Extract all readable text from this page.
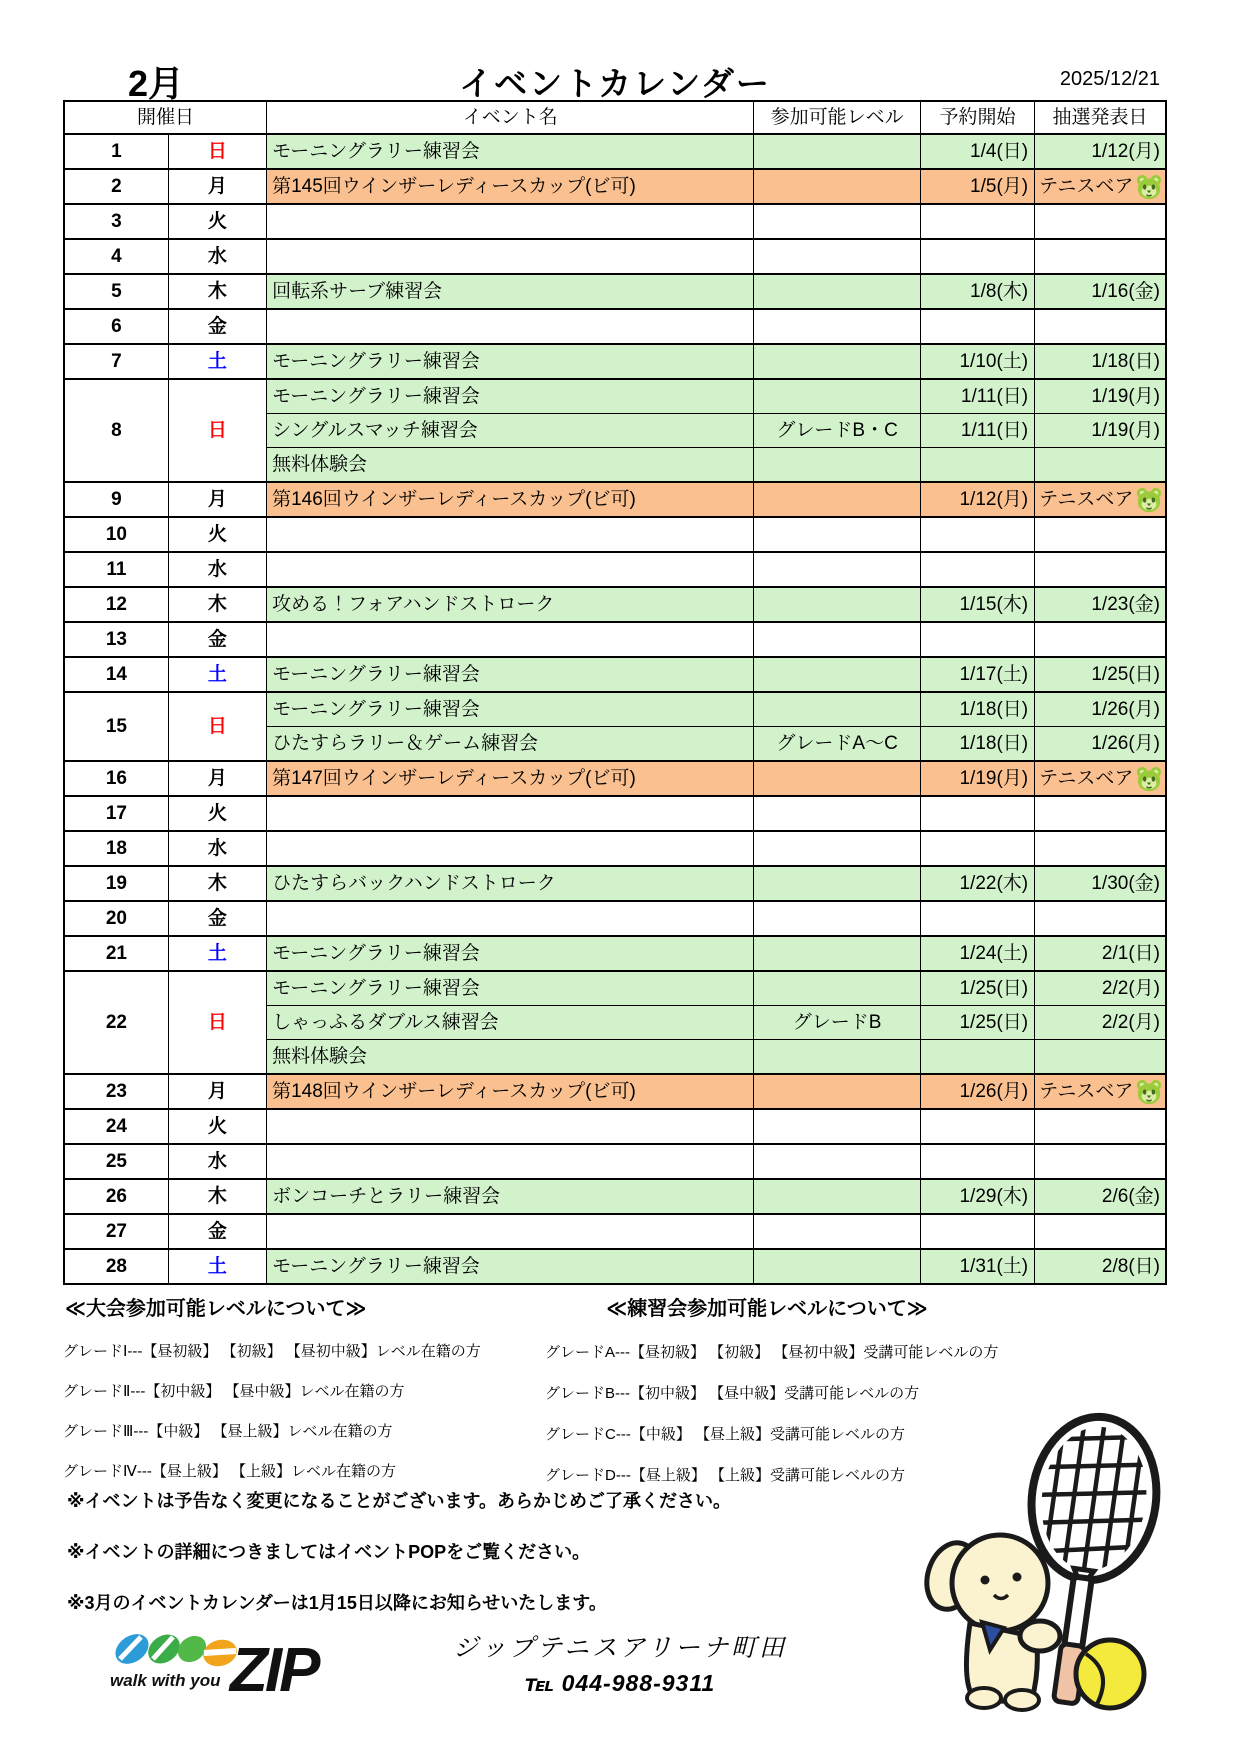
2月	イベントカレンダー	2025/12/21
開催日		イベント名	参加可能レベル	予約開始	抽選発表日
1	日	モーニングラリー練習会		1/4(日)	1/12(月)
2	月	第145回ウインザーレディースカップ(ビ可)		1/5(月)	テニスベア

3	火				
4	水				
5	木	回転系サーブ練習会		1/8(木)	1/16(金)
6	金				
7	土	モーニングラリー練習会		1/10(土)	1/18(日)
8	日	モーニングラリー練習会		1/11(日)	1/19(月)
		シングルスマッチ練習会	グレードB・C	1/11(日)	1/19(月)
		無料体験会			
9	月	第146回ウインザーレディースカップ(ビ可)		1/12(月)	テニスベア

10	火				
11	水				
12	木	攻める！フォアハンドストローク		1/15(木)	1/23(金)
13	金				
14	土	モーニングラリー練習会		1/17(土)	1/25(日)
15	日	モーニングラリー練習会		1/18(日)	1/26(月)
		ひたすらラリー＆ゲーム練習会	グレードA～C	1/18(日)	1/26(月)
16	月	第147回ウインザーレディースカップ(ビ可)		1/19(月)	テニスベア

17	火				
18	水				
19	木	ひたすらバックハンドストローク		1/22(木)	1/30(金)
20	金				
21	土	モーニングラリー練習会		1/24(土)	2/1(日)
22	日	モーニングラリー練習会		1/25(日)	2/2(月)
		しゃっふるダブルス練習会	グレードB	1/25(日)	2/2(月)
		無料体験会			
23	月	第148回ウインザーレディースカップ(ビ可)		1/26(月)	テニスベア

24	火				
25	水				
26	木	ボンコーチとラリー練習会		1/29(木)	2/6(金)
27	金				
28	土	モーニングラリー練習会		1/31(土)	2/8(日)
≪大会参加可能レベルについて≫
グレードⅠ---【昼初級】 【初級】 【昼初中級】レベル在籍の方
グレードⅡ---【初中級】 【昼中級】レベル在籍の方
グレードⅢ---【中級】 【昼上級】レベル在籍の方
グレードⅣ---【昼上級】 【上級】レベル在籍の方
≪練習会参加可能レベルについて≫
グレードA---【昼初級】 【初級】 【昼初中級】受講可能レベルの方
グレードB---【初中級】 【昼中級】受講可能レベルの方
グレードC---【中級】 【昼上級】受講可能レベルの方
グレードD---【昼上級】 【上級】受講可能レベルの方
※イベントは予告なく変更になることがございます。あらかじめご了承ください。
※イベントの詳細につきましてはイベントPOPをご覧ください。
※3月のイベントカレンダーは1月15日以降にお知らせいたします。
walk with you ZIP	ジップテニスアリーナ町田
℡ 044-988-9311
